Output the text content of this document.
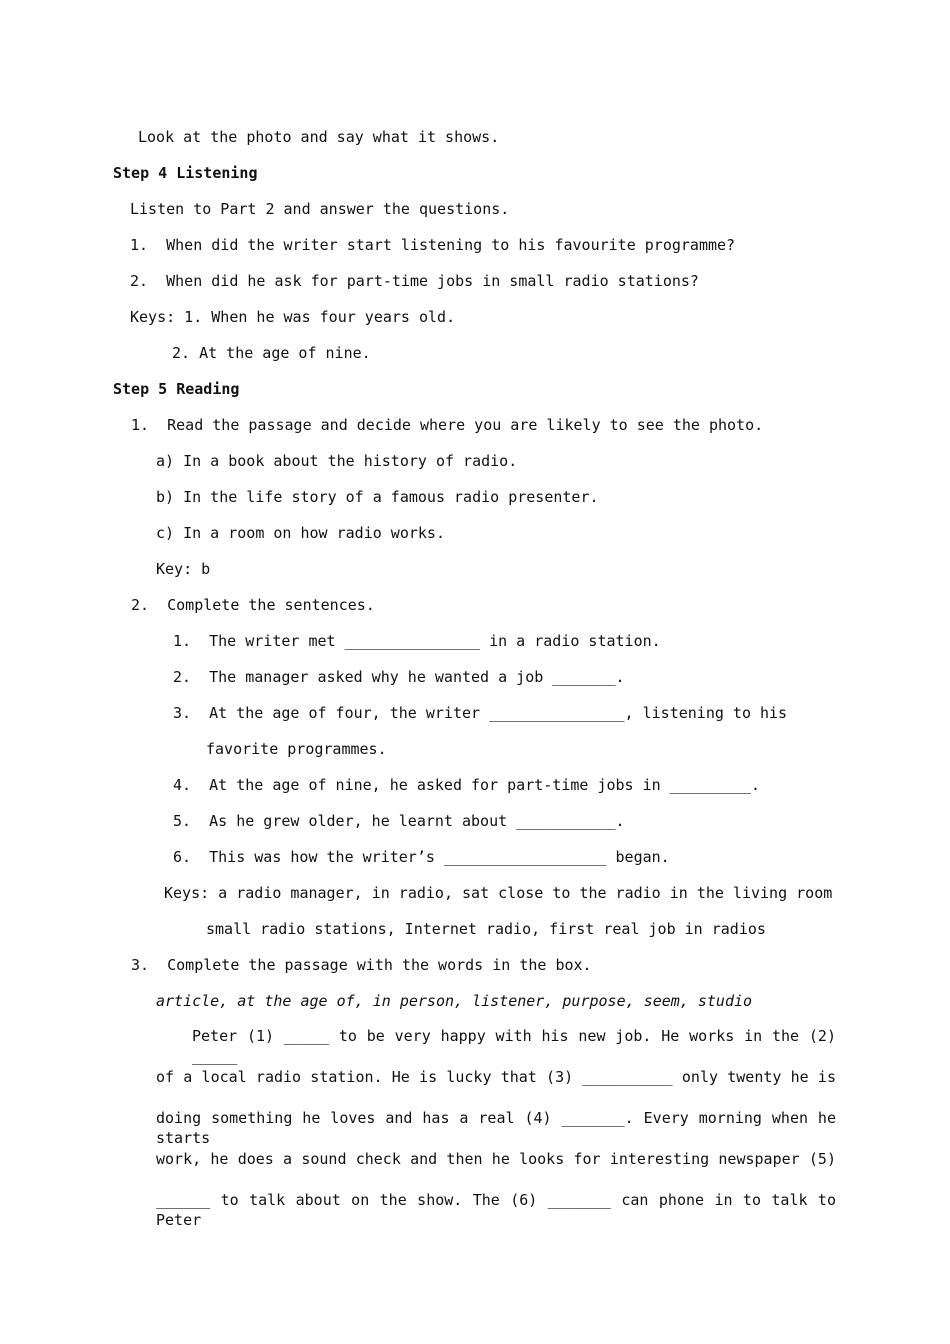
Look at the photo and say what it shows.
Step 4 Listening
Listen to Part 2 and answer the questions.
1.  When did the writer start listening to his favourite programme?
2.  When did he ask for part-time jobs in small radio stations?
Keys: 1. When he was four years old.
2. At the age of nine.
Step 5 Reading
1.  Read the passage and decide where you are likely to see the photo.
a) In a book about the history of radio.
b) In the life story of a famous radio presenter.
c) In a room on how radio works.
Key: b
2.  Complete the sentences.
1.  The writer met _______________ in a radio station.
2.  The manager asked why he wanted a job _______.
3.  At the age of four, the writer _______________, listening to his
favorite programmes.
4.  At the age of nine, he asked for part-time jobs in _________.
5.  As he grew older, he learnt about ___________.
6.  This was how the writer’s __________________ began.
Keys: a radio manager, in radio, sat close to the radio in the living room
small radio stations, Internet radio, first real job in radios
3.  Complete the passage with the words in the box.
article, at the age of, in person, listener, purpose, seem, studio
Peter (1) _____ to be very happy with his new job. He works in the (2) _____
of a local radio station. He is lucky that (3) __________ only twenty he is
doing something he loves and has a real (4) _______. Every morning when he starts
work, he does a sound check and then he looks for interesting newspaper (5)
______ to talk about on the show. The (6) _______ can phone in to talk to Peter
